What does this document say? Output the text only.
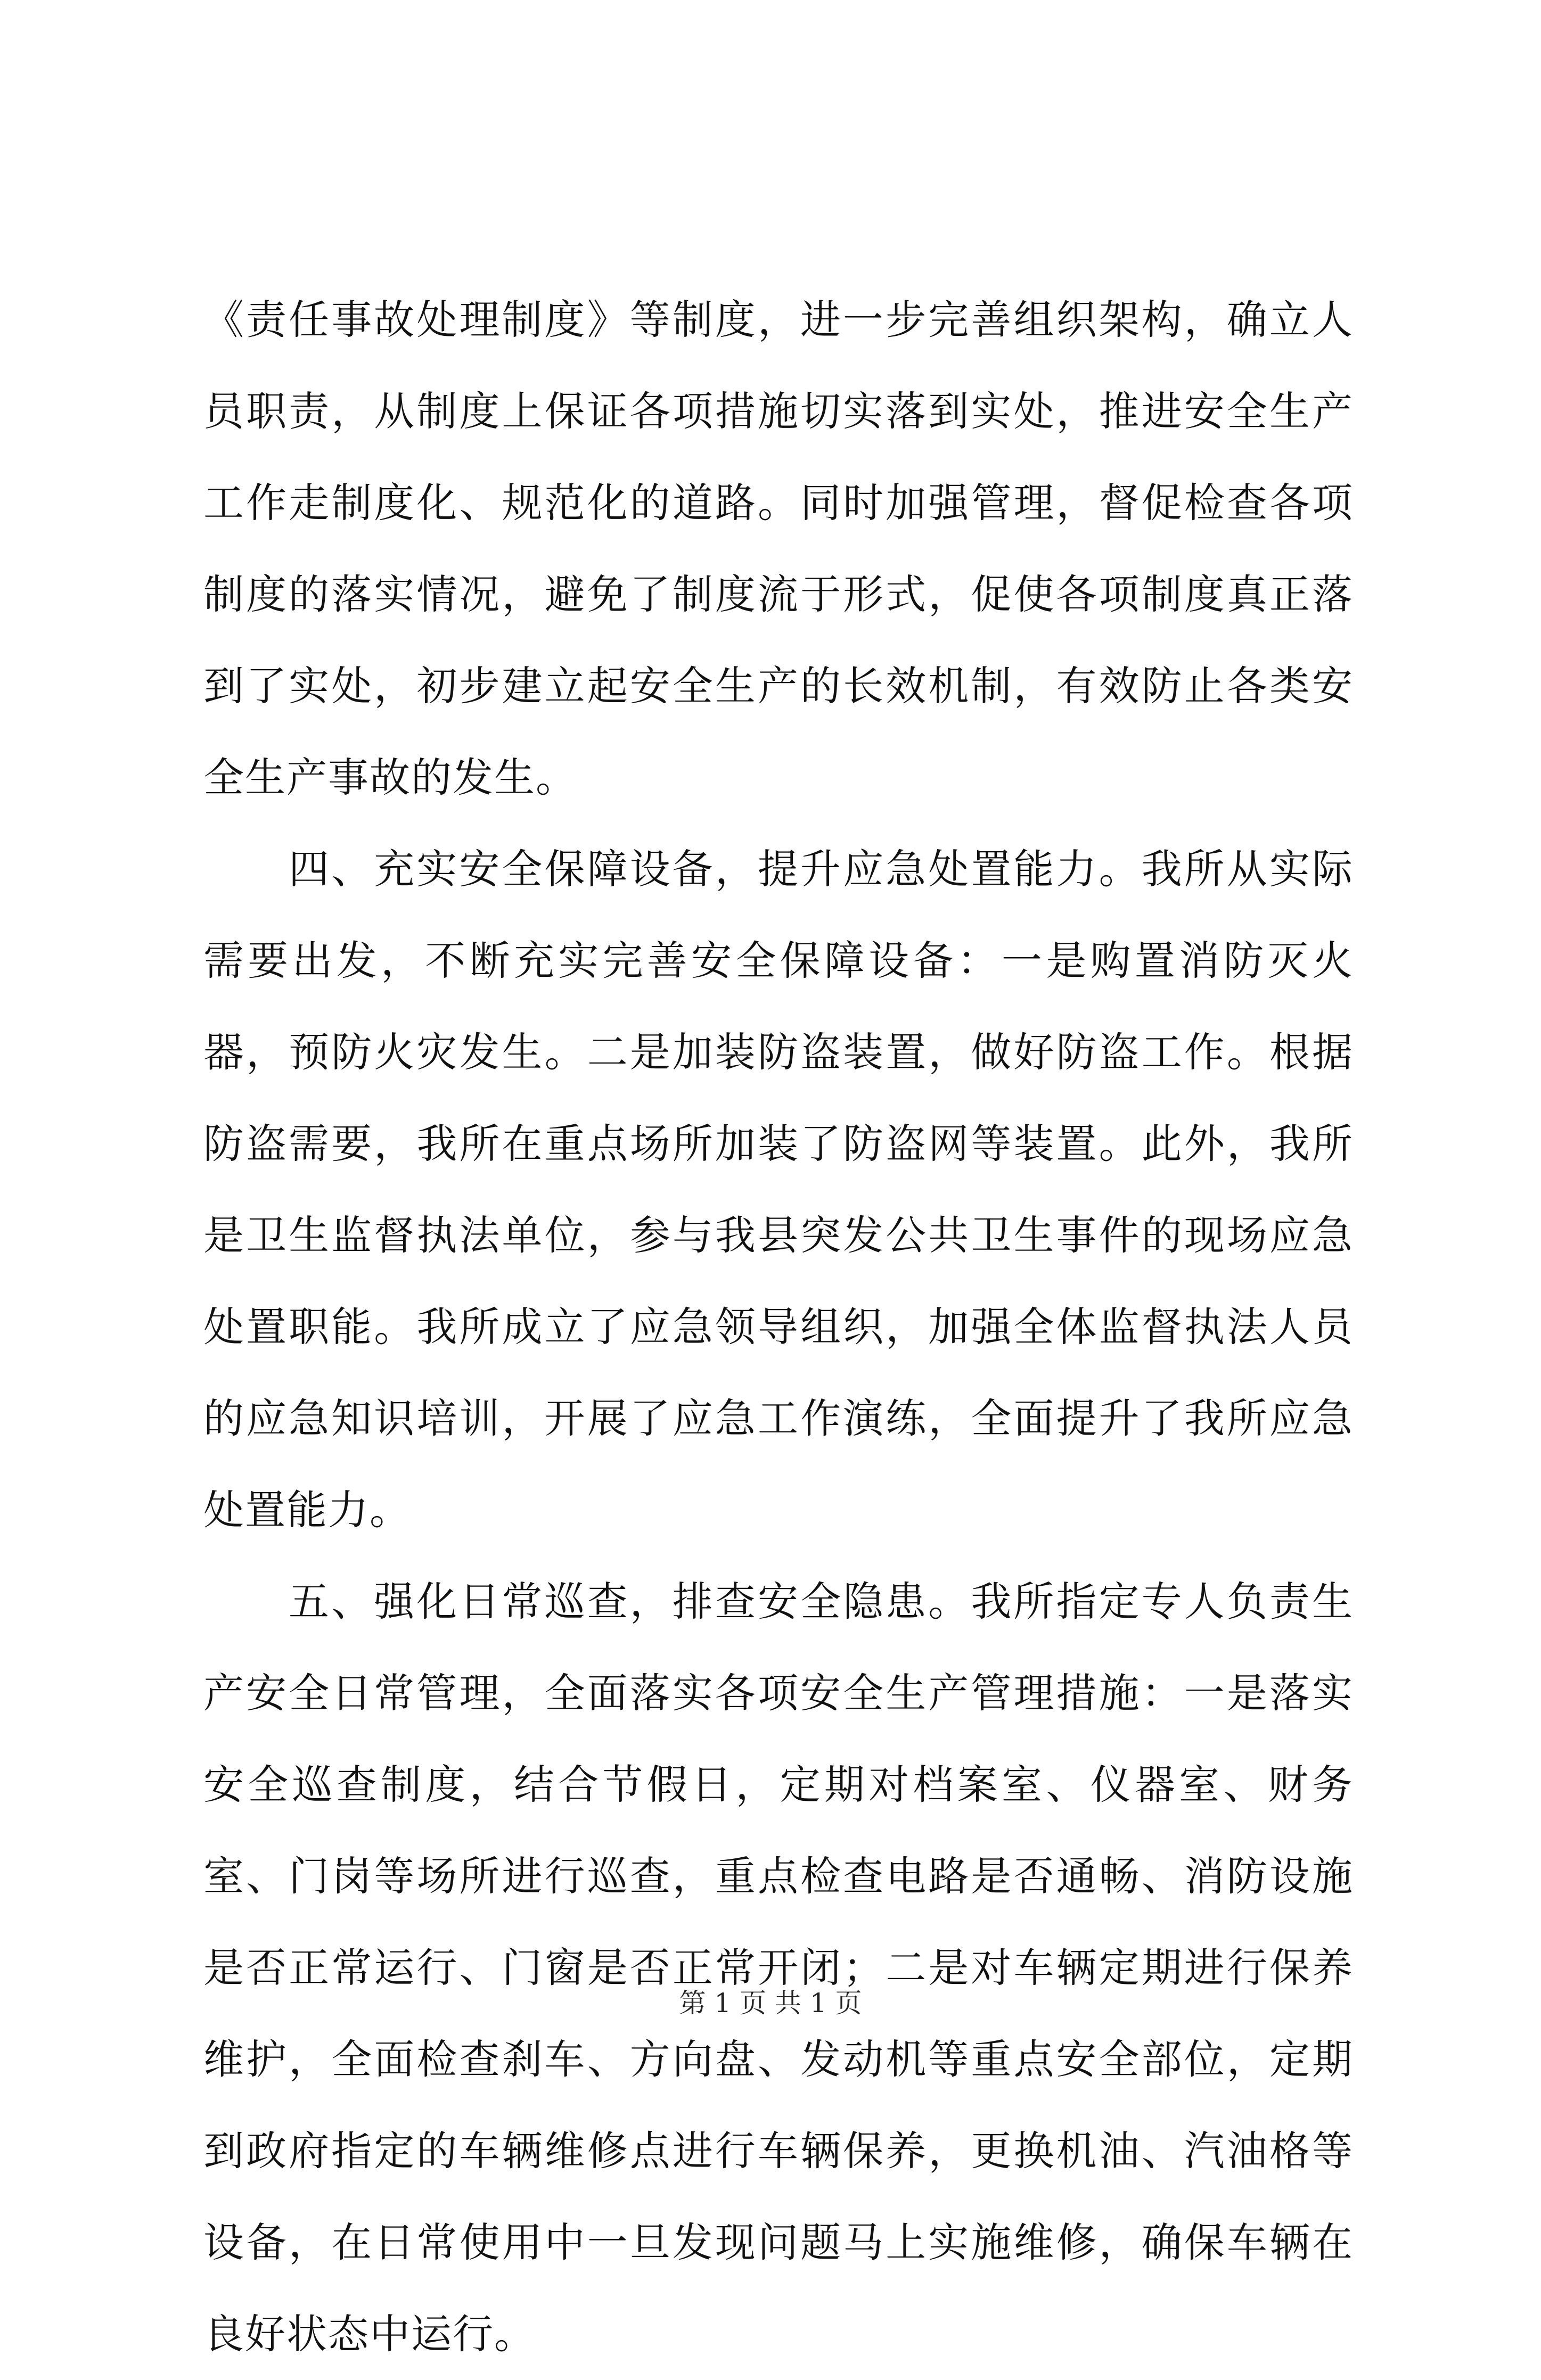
《责任事故处理制度》等制度，进一步完善组织架构，确立人员职责，从制度上保证各项措施切实落到实处，推进安全生产工作走制度化、规范化的道路。同时加强管理，督促检查各项制度的落实情况，避免了制度流于形式，促使各项制度真正落到了实处，初步建立起安全生产的长效机制，有效防止各类安全生产事故的发生。

四、充实安全保障设备，提升应急处置能力。我所从实际需要出发，不断充实完善安全保障设备：一是购置消防灭火器，预防火灾发生。二是加装防盗装置，做好防盗工作。根据防盗需要，我所在重点场所加装了防盗网等装置。此外，我所是卫生监督执法单位，参与我县突发公共卫生事件的现场应急处置职能。我所成立了应急领导组织，加强全体监督执法人员的应急知识培训，开展了应急工作演练，全面提升了我所应急处置能力。

五、强化日常巡查，排查安全隐患。我所指定专人负责生产安全日常管理，全面落实各项安全生产管理措施：一是落实安全巡查制度，结合节假日，定期对档案室、仪器室、财务室、门岗等场所进行巡查，重点检查电路是否通畅、消防设施是否正常运行、门窗是否正常开闭；二是对车辆定期进行保养维护，全面检查刹车、方向盘、发动机等重点安全部位，定期到政府指定的车辆维修点进行车辆保养，更换机油、汽油格等设备，在日常使用中一旦发现问题马上实施维修，确保车辆在良好状态中运行。

第 1 页 共 1 页
